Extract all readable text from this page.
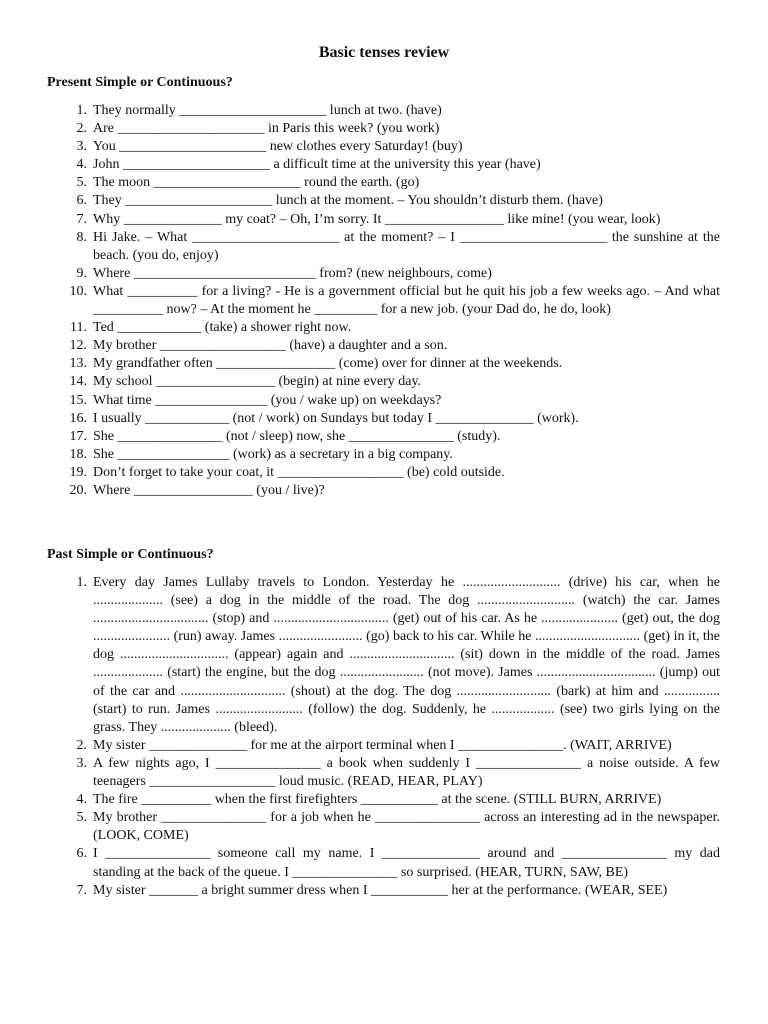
Basic tenses review
Present Simple or Continuous?
1. They normally _____________________ lunch at two. (have)
2. Are _____________________ in Paris this week? (you work)
3. You _____________________ new clothes every Saturday! (buy)
4. John _____________________ a difficult time at the university this year (have)
5. The moon _____________________ round the earth. (go)
6. They _____________________ lunch at the moment. – You shouldn’t disturb them. (have)
7. Why ______________ my coat? – Oh, I’m sorry. It _________________ like mine! (you wear, look)
8. Hi Jake. – What _____________________ at the moment? – I _____________________ the sunshine at the beach. (you do, enjoy)
9. Where __________________________ from? (new neighbours, come)
10. What __________ for a living? - He is a government official but he quit his job a few weeks ago. – And what __________ now? – At the moment he _________ for a new job. (your Dad do, he do, look)
11. Ted ____________ (take) a shower right now.
12. My brother __________________ (have) a daughter and a son.
13. My grandfather often _________________ (come) over for dinner at the weekends.
14. My school _________________ (begin) at nine every day.
15. What time ________________ (you / wake up) on weekdays?
16. I usually ____________ (not / work) on Sundays but today I ______________ (work).
17. She _______________ (not / sleep) now, she _______________ (study).
18. She ________________ (work) as a secretary in a big company.
19. Don’t forget to take your coat, it __________________ (be) cold outside.
20. Where _________________ (you / live)?
Past Simple or Continuous?
1. Every day James Lullaby travels to London. Yesterday he ............................ (drive) his car, when he .................... (see) a dog in the middle of the road. The dog ............................ (watch) the car. James ................................. (stop) and ................................. (get) out of his car. As he ...................... (get) out, the dog ...................... (run) away. James ........................ (go) back to his car. While he .............................. (get) in it, the dog ............................... (appear) again and .............................. (sit) down in the middle of the road. James .................... (start) the engine, but the dog ........................ (not move). James .................................. (jump) out of the car and .............................. (shout) at the dog. The dog ........................... (bark) at him and ................ (start) to run. James ......................... (follow) the dog. Suddenly, he .................. (see) two girls lying on the grass. They .................... (bleed).
2. My sister ______________ for me at the airport terminal when I _______________. (WAIT, ARRIVE)
3. A few nights ago, I _______________ a book when suddenly I _______________ a noise outside. A few teenagers __________________ loud music. (READ, HEAR, PLAY)
4. The fire __________ when the first firefighters ___________ at the scene. (STILL BURN, ARRIVE)
5. My brother _______________ for a job when he _______________ across an interesting ad in the newspaper. (LOOK, COME)
6. I _______________ someone call my name. I ______________ around and _______________ my dad standing at the back of the queue. I _______________ so surprised. (HEAR, TURN, SAW, BE)
7. My sister _______ a bright summer dress when I ___________ her at the performance. (WEAR, SEE)
